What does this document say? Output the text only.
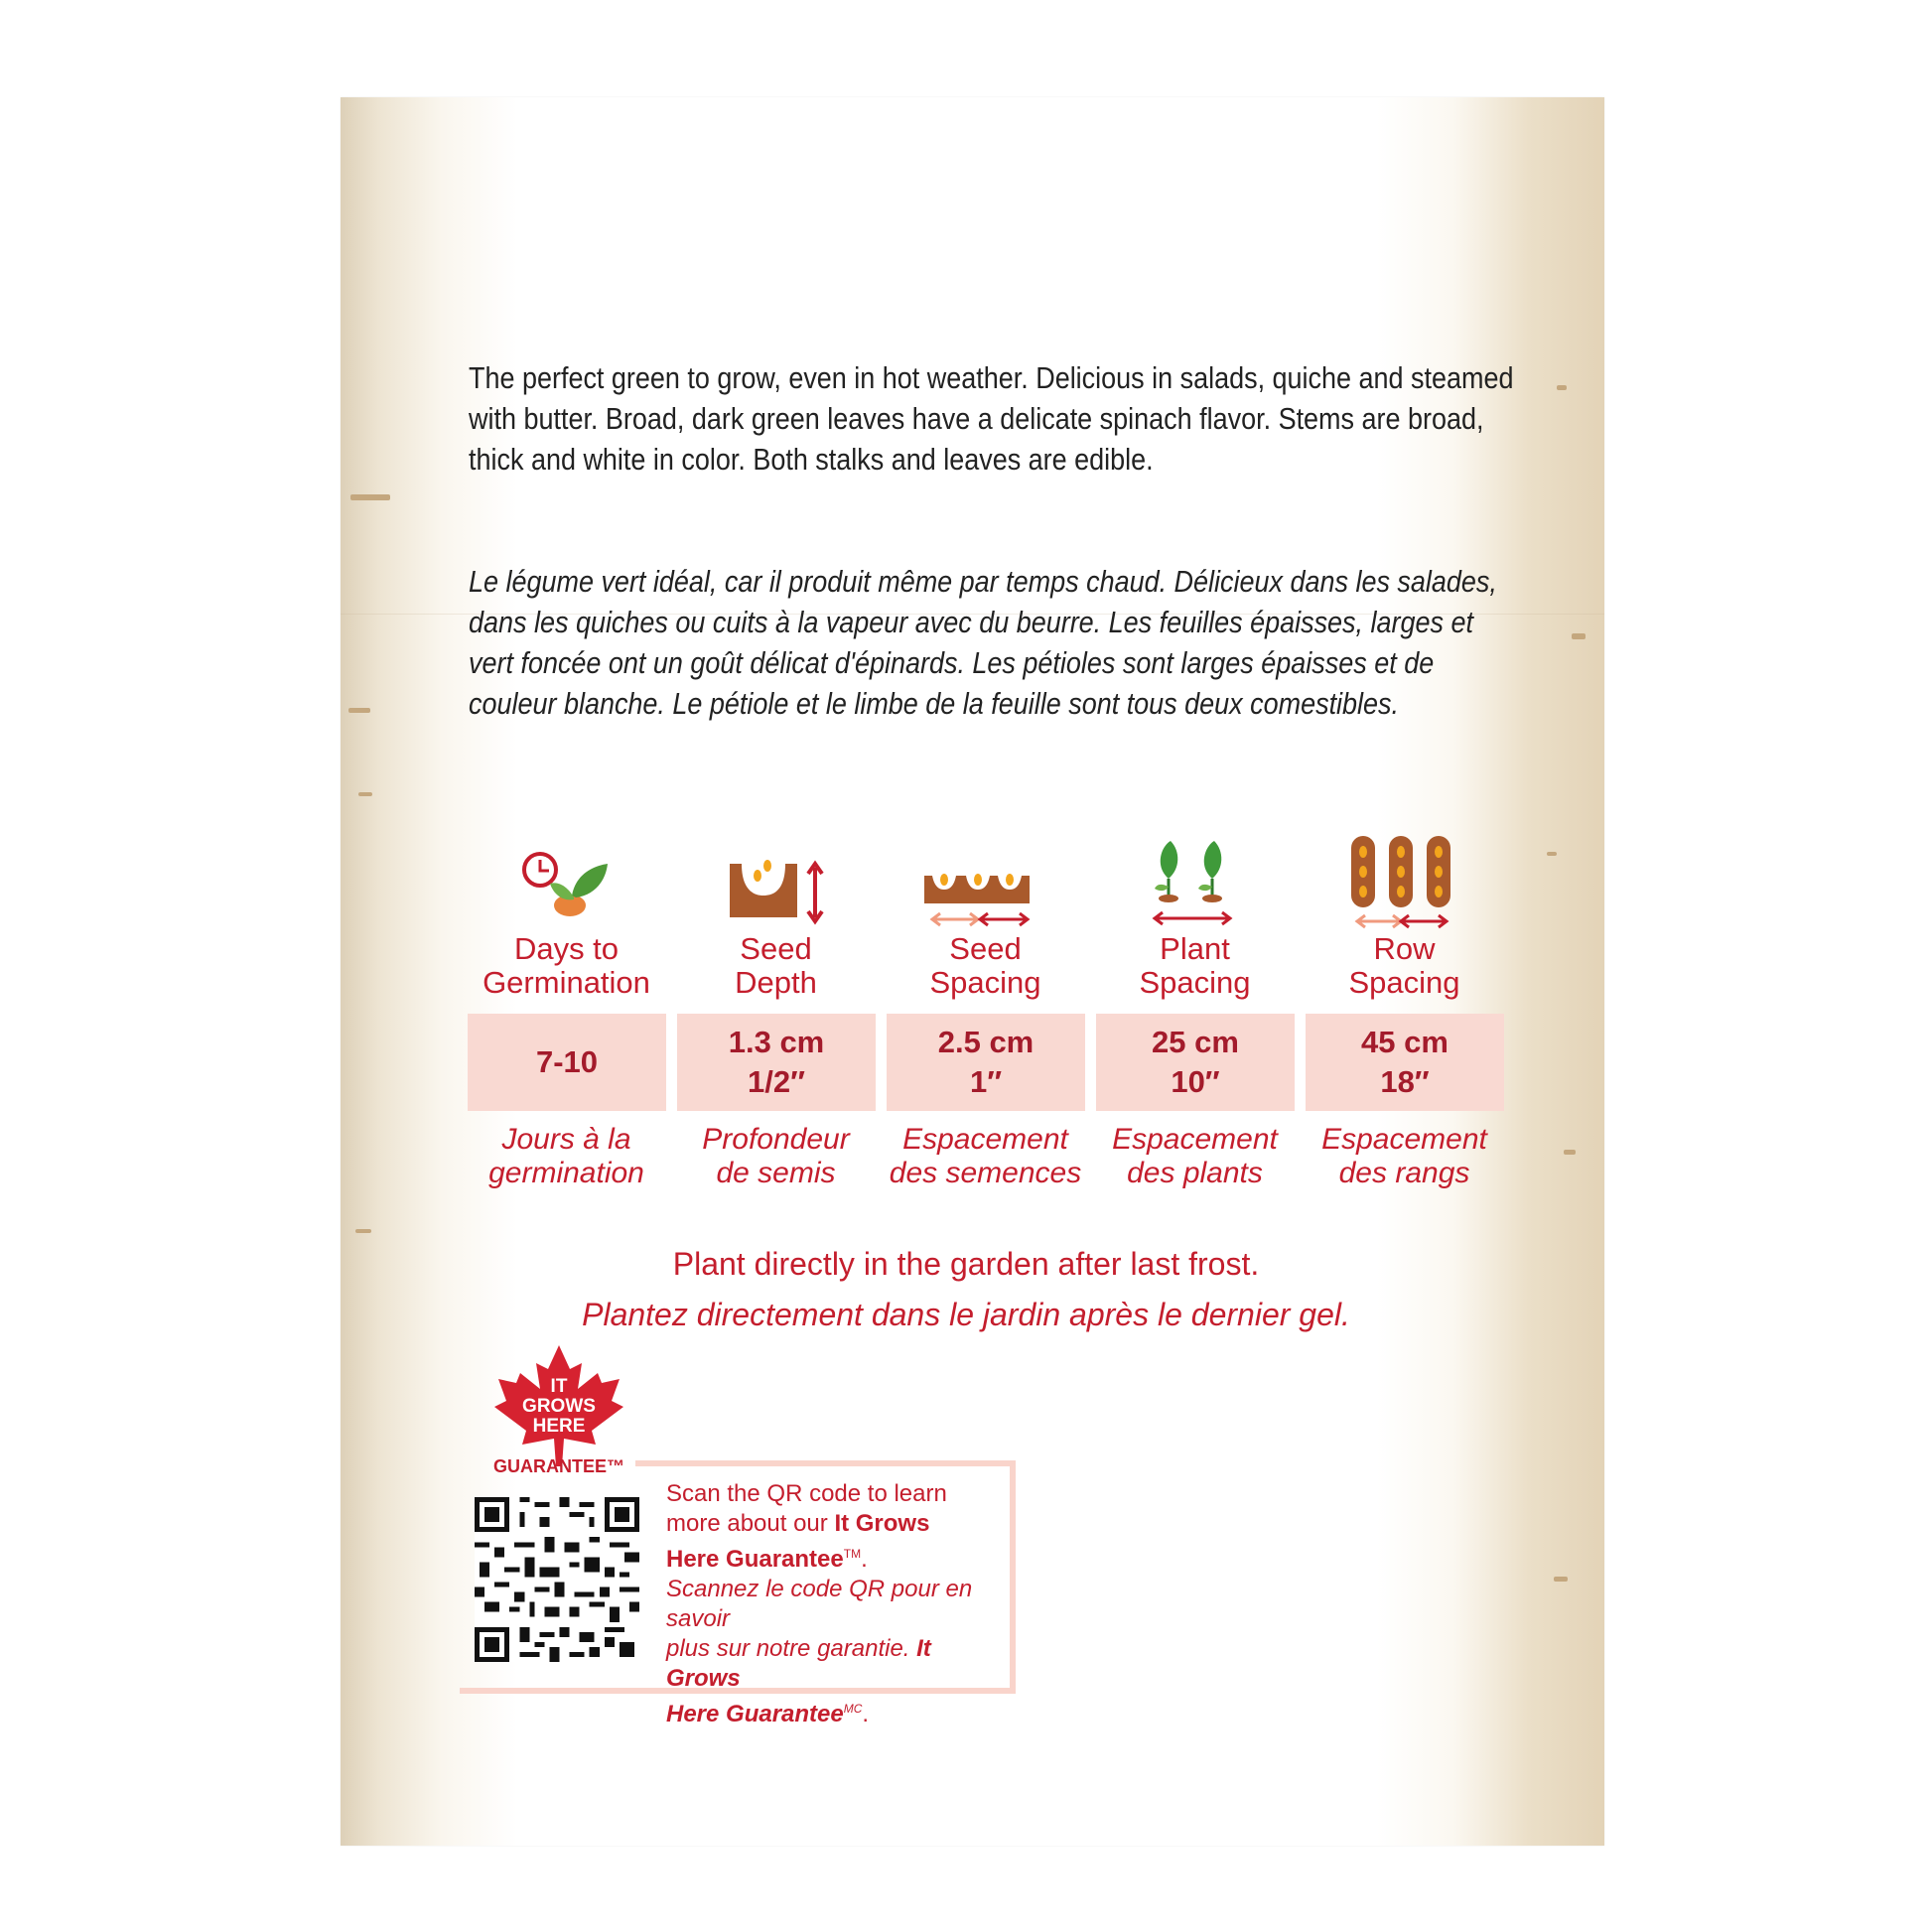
The perfect green to grow, even in hot weather. Delicious in salads, quiche and steamed with butter. Broad, dark green leaves have a delicate spinach flavor. Stems are broad, thick and white in color. Both stalks and leaves are edible.
Le légume vert idéal, car il produit même par temps chaud. Délicieux dans les salades, dans les quiches ou cuits à la vapeur avec du beurre. Les feuilles épaisses, larges et vert foncée ont un goût délicat d'épinards. Les pétioles sont larges épaisses et de couleur blanche. Le pétiole et le limbe de la feuille sont tous deux comestibles.
Days to
Germination
Seed
Depth
Seed
Spacing
Plant
Spacing
Row
Spacing
7-10
1.3 cm
1/2″
2.5 cm
1″
25 cm
10″
45 cm
18″
Jours à la
germination
Profondeur
de semis
Espacement
des semences
Espacement
des plants
Espacement
des rangs
Plant directly in the garden after last frost.
Plantez directement dans le jardin après le dernier gel.
IT
GROWS
HERE
GUARANTEE™
Scan the QR code to learn
more about our It Grows
Here Guarantee™.
Scannez le code QR pour en savoir
plus sur notre garantie. It Grows
Here Guarantee$^{MC}$.
